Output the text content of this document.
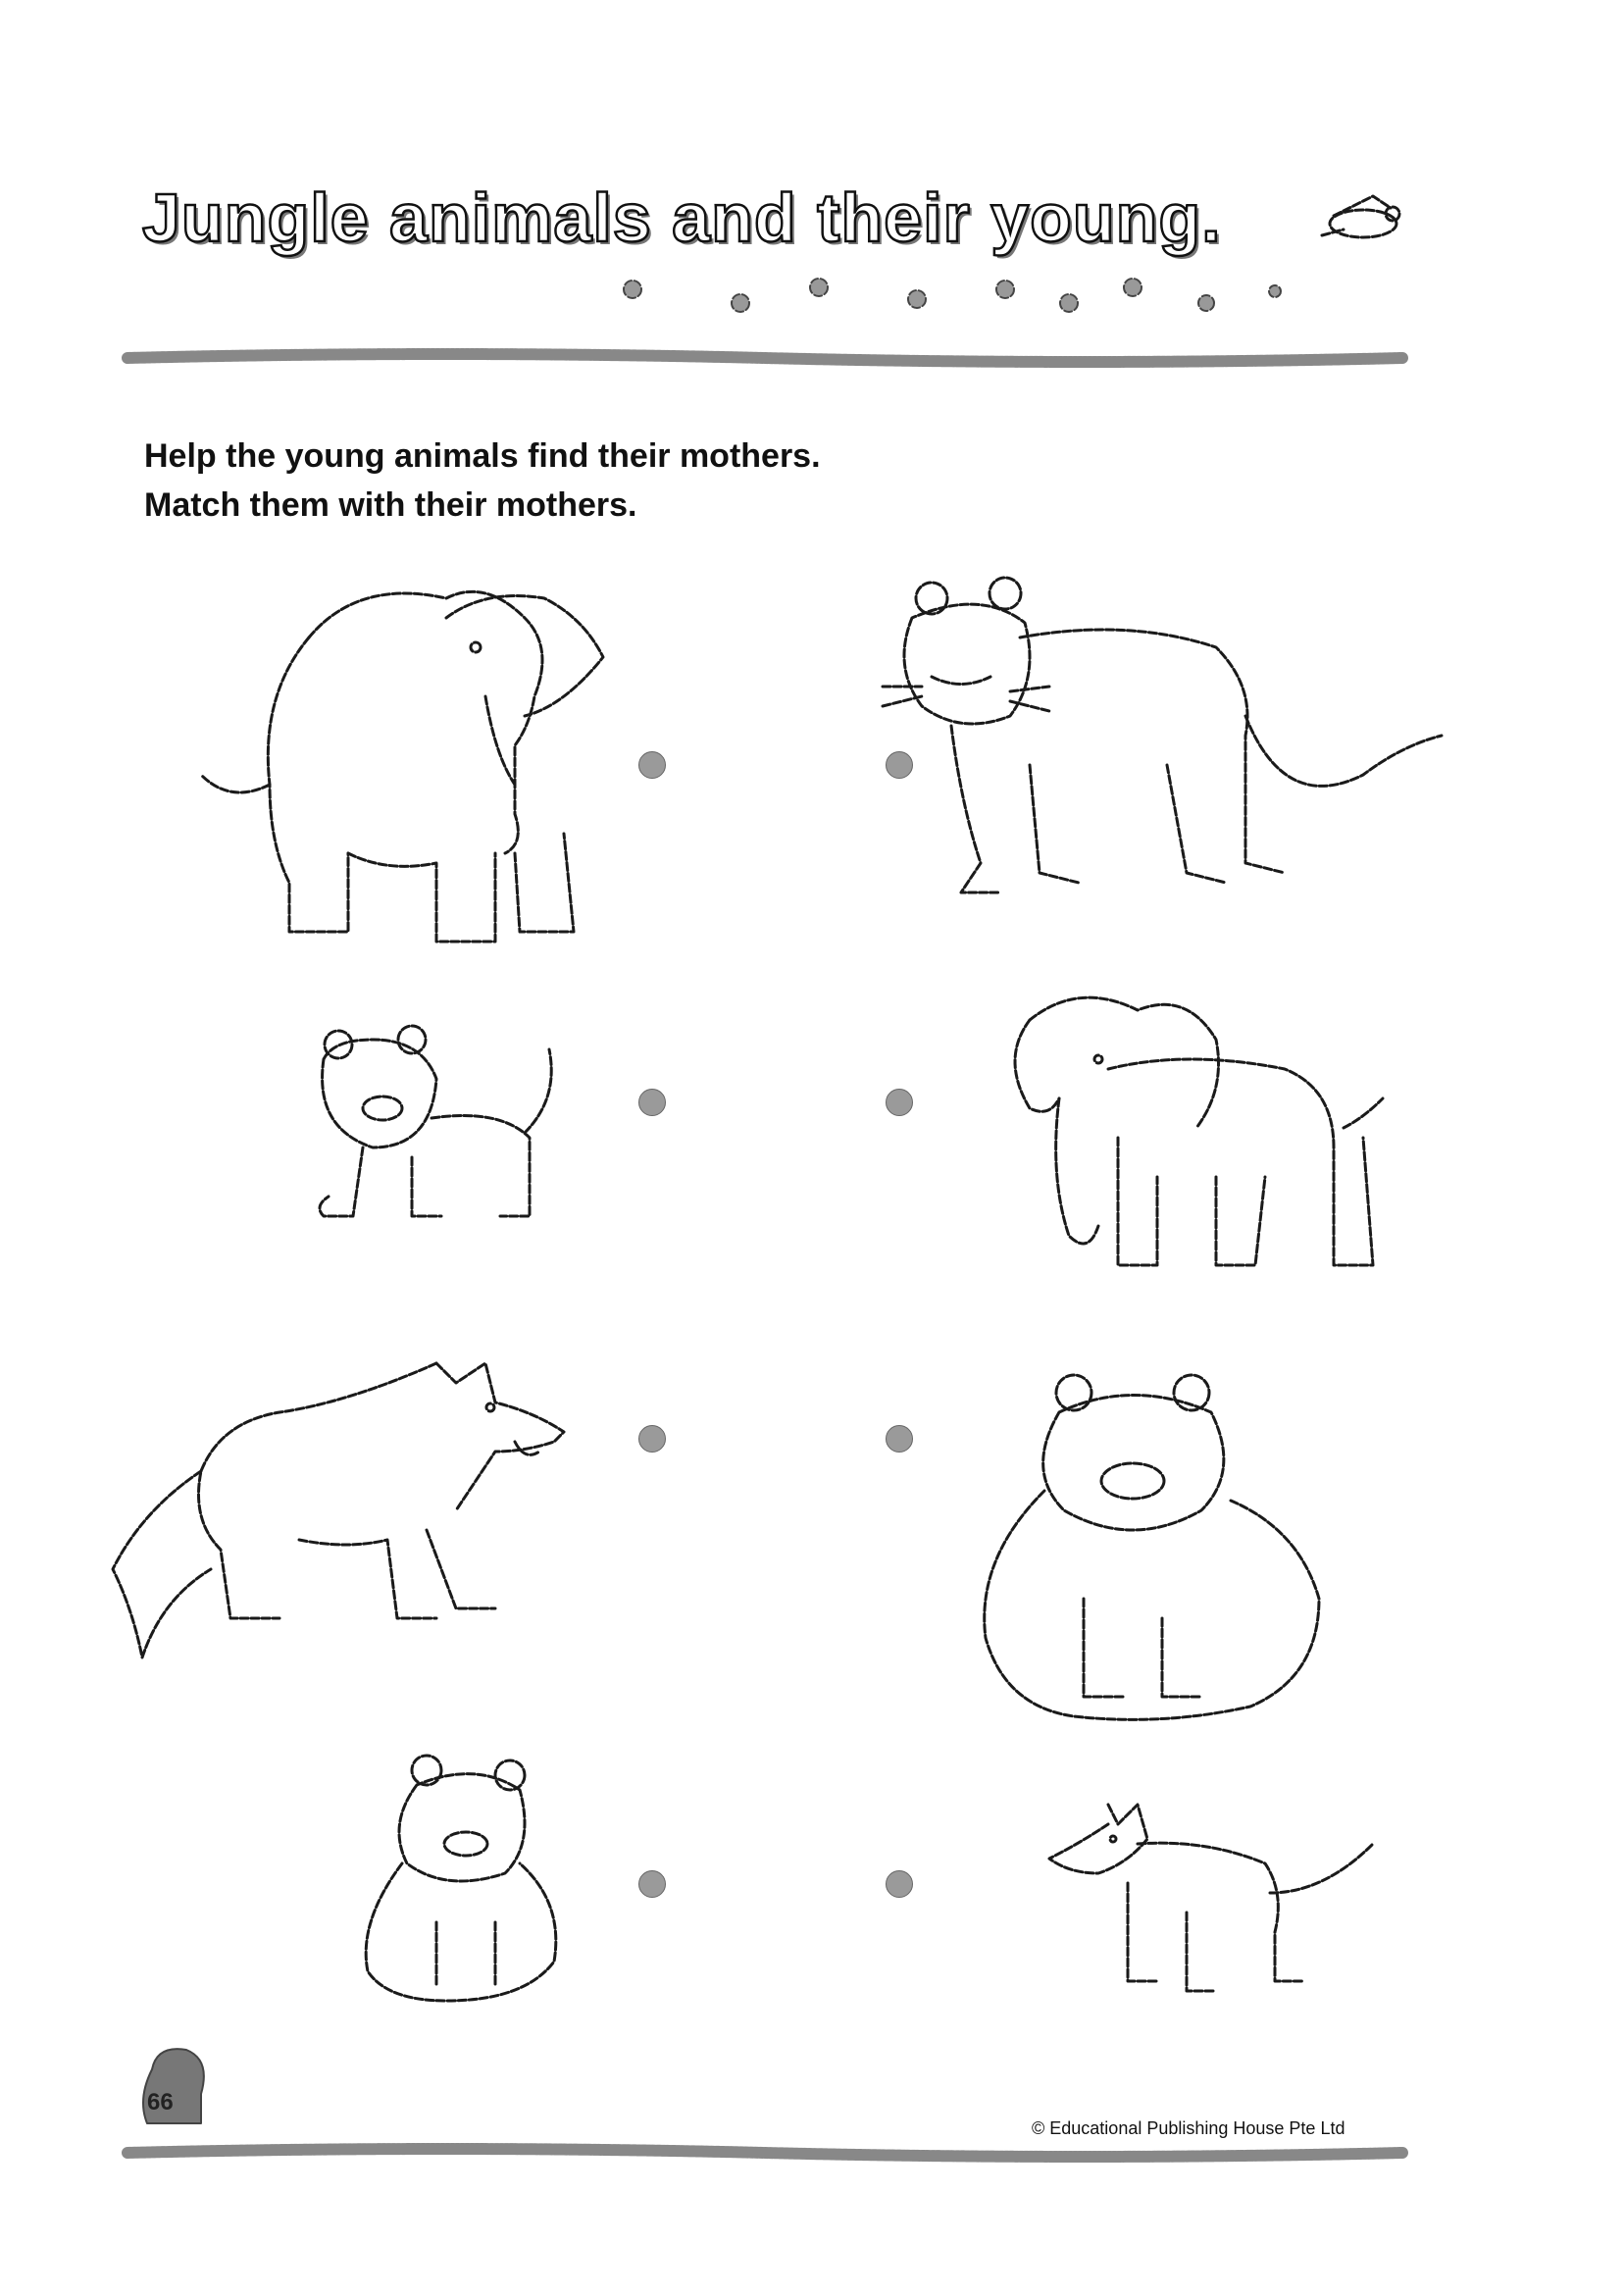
Jungle animals and their young.
Help the young animals find their mothers.
Match them with their mothers.
66
© Educational Publishing House Pte Ltd
